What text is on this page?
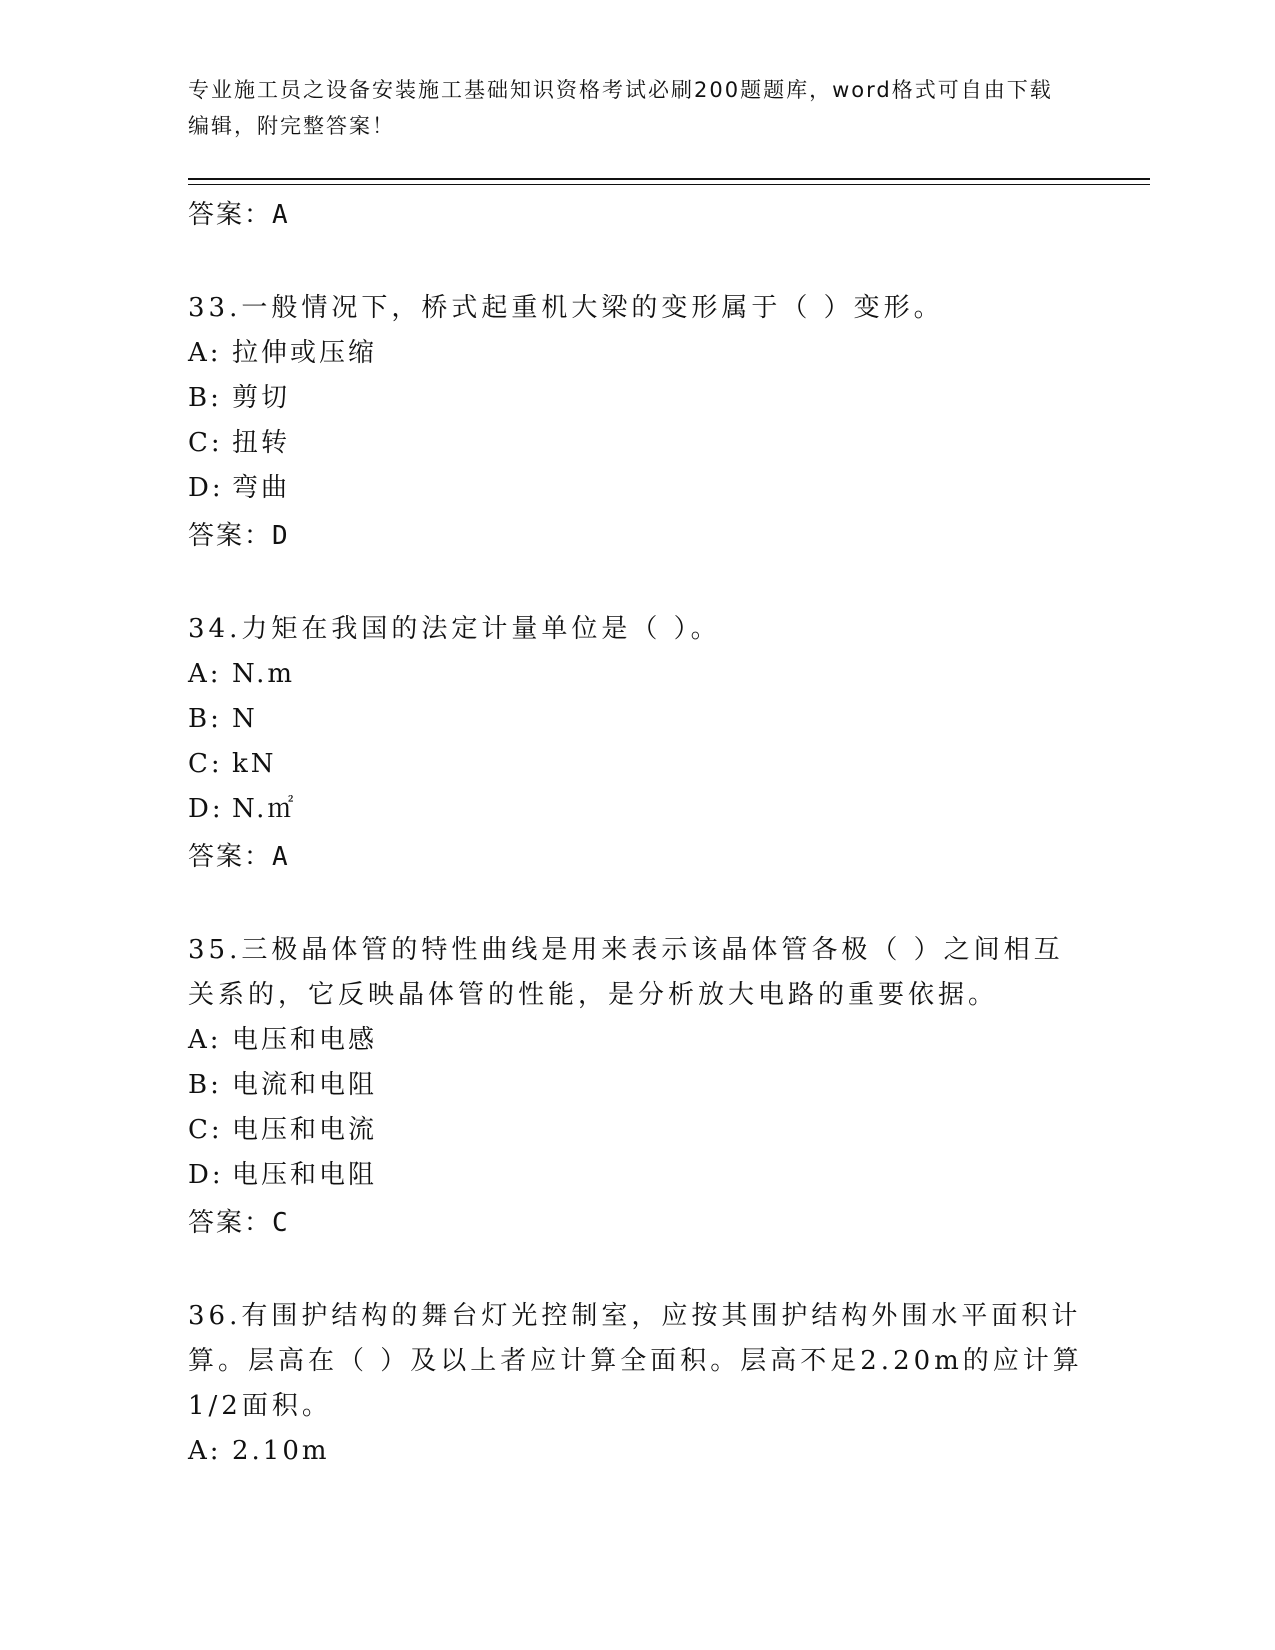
专业施工员之设备安装施工基础知识资格考试必刷200题题库，word格式可自由下载编辑，附完整答案！
答案：A

33.一般情况下，桥式起重机大梁的变形属于（ ）变形。

A: 拉伸或压缩

B: 剪切

C: 扭转

D: 弯曲

答案：D

34.力矩在我国的法定计量单位是（ ）。

A: N.m

B: N

C: kN

D: N.㎡

答案：A

35.三极晶体管的特性曲线是用来表示该晶体管各极（ ）之间相互关系的，它反映晶体管的性能，是分析放大电路的重要依据。

A: 电压和电感

B: 电流和电阻

C: 电压和电流

D: 电压和电阻

答案：C

36.有围护结构的舞台灯光控制室，应按其围护结构外围水平面积计算。层高在（ ）及以上者应计算全面积。层高不足2.20m的应计算1/2面积。

A: 2.10m
